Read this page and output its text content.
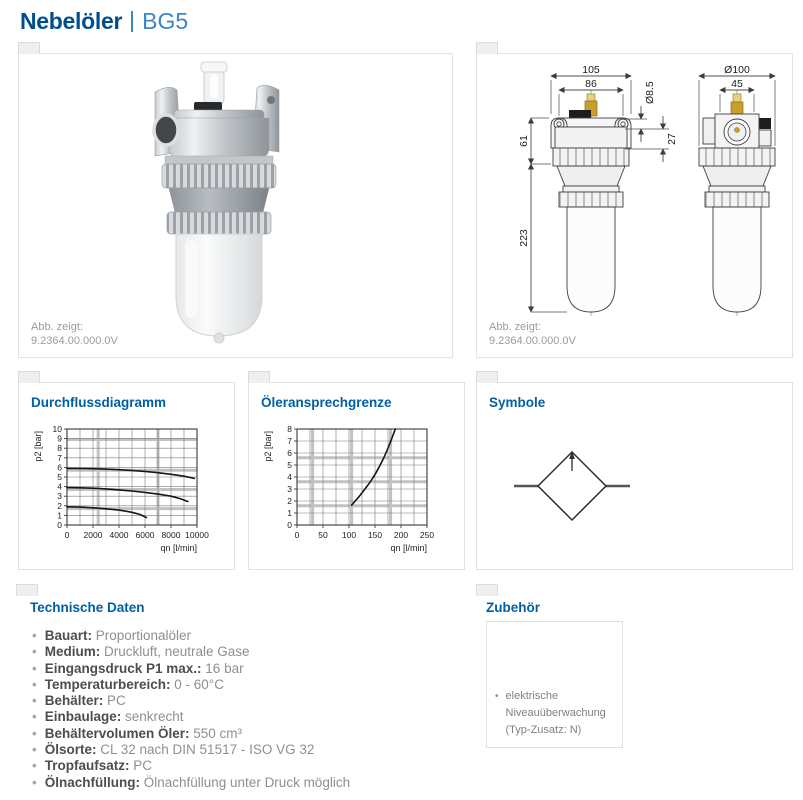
Nebelöler BG5
Abb. zeigt:
9.2364.00.000.0V
105
86
61
223
Ø8.5
27
Ø100
45
Abb. zeigt:
9.2364.00.000.0V
Durchflussdiagramm
0
1
2
3
4
5
6
7
8
9
10
0 2000 4000 6000 8000 10000
p2 [bar]
qn [l/min]
Öleransprechgrenze
0
1
2
3
4
5
6
7
8
0 50 100 150 200 250
p2 [bar]
qn [l/min]
Symbole
Technische Daten
• Bauart: Proportionalöler
• Medium: Druckluft, neutrale Gase
• Eingangsdruck P1 max.: 16 bar
• Temperaturbereich: 0 - 60°C
• Behälter: PC
• Einbaulage: senkrecht
• Behältervolumen Öler: 550 cm³
• Ölsorte: CL 32 nach DIN 51517 - ISO VG 32
• Tropfaufsatz: PC
• Ölnachfüllung: Ölnachfüllung unter Druck möglich
Zubehör
• elektrische Niveauüberwachung (Typ-Zusatz: N)
